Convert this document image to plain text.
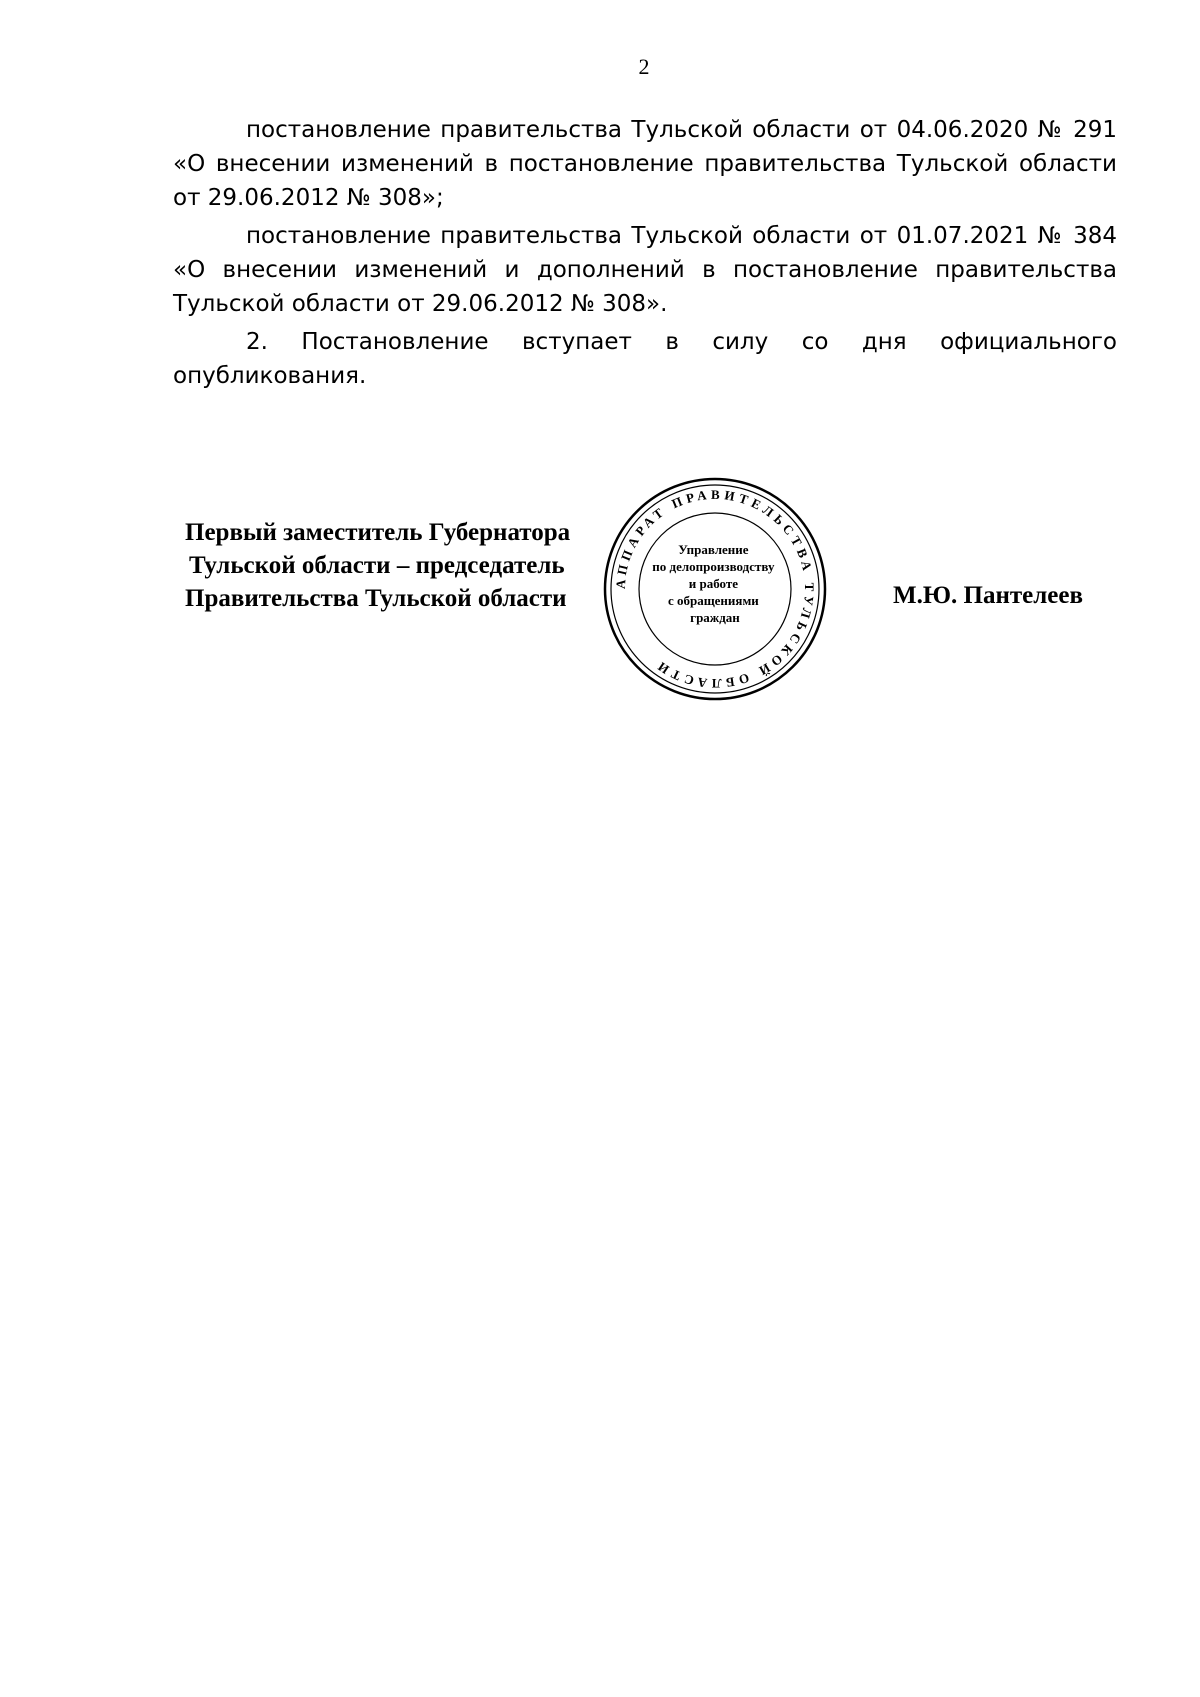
2

постановление правительства Тульской области от 04.06.2020 № 291 «О внесении изменений в постановление правительства Тульской области от 29.06.2012 № 308»;

постановление правительства Тульской области от 01.07.2021 № 384 «О внесении изменений и дополнений в постановление правительства Тульской области от 29.06.2012 № 308».

2. Постановление вступает в силу со дня официального опубликования.

Первый заместитель Губернатора
Тульской области – председатель
Правительства Тульской области	М.Ю. Пантелеев
АППАРАТ ПРАВИТЕЛЬСТВА ТУЛЬСКОЙ ОБЛАСТИ
Управление по делопроизводству и работе с обращениями граждан
